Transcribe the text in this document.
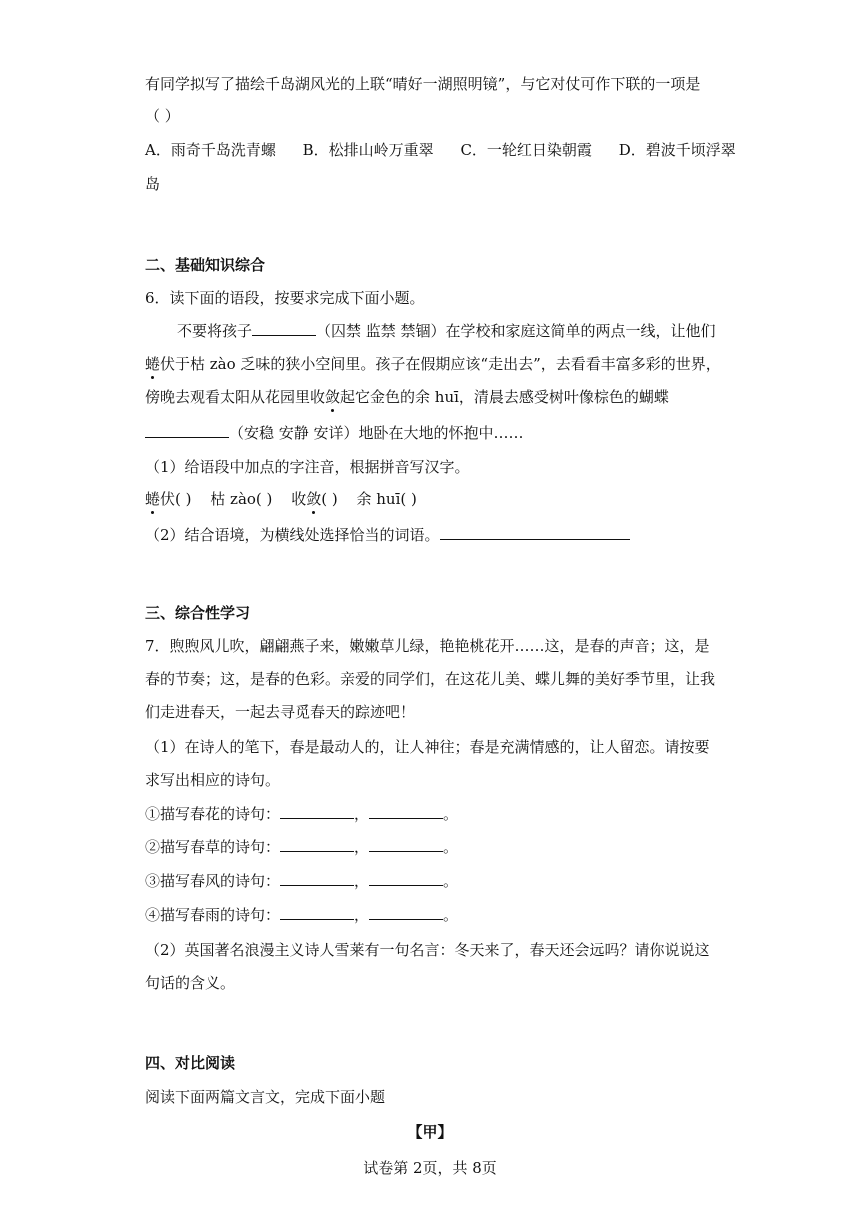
有同学拟写了描绘千岛湖风光的上联“晴好一湖照明镜”，与它对仗可作下联的一项是
（ ）
A．雨奇千岛洗青螺 B．松排山岭万重翠 C．一轮红日染朝霞 D．碧波千顷浮翠
岛
二、基础知识综合
6．读下面的语段，按要求完成下面小题。
不要将孩子	（囚禁 监禁 禁锢）在学校和家庭这简单的两点一线，让他们
蜷伏于枯 zào 乏味的狭小空间里。孩子在假期应该“走出去”，去看看丰富多彩的世界，
傍晚去观看太阳从花园里收敛起它金色的余 huī，清晨去感受树叶像棕色的蝴蝶
（安稳 安静 安详）地卧在大地的怀抱中……
（1）给语段中加点的字注音，根据拼音写汉字。
蜷伏( ) 枯 zào( ) 收敛( ) 余 huī( )
（2）结合语境，为横线处选择恰当的词语。
三、综合性学习
7．煦煦风儿吹，翩翩燕子来，嫩嫩草儿绿，艳艳桃花开……这，是春的声音；这，是
春的节奏；这，是春的色彩。亲爱的同学们，在这花儿美、蝶儿舞的美好季节里，让我
们走进春天，一起去寻觅春天的踪迹吧！
（1）在诗人的笔下，春是最动人的，让人神往；春是充满情感的，让人留恋。请按要
求写出相应的诗句。
①描写春花的诗句：	，	。
②描写春草的诗句：	，	。
③描写春风的诗句：	，	。
④描写春雨的诗句：	，	。
（2）英国著名浪漫主义诗人雪莱有一句名言：冬天来了，春天还会远吗？请你说说这
句话的含义。
四、对比阅读
阅读下面两篇文言文，完成下面小题
【甲】
试卷第 2页，共 8页
